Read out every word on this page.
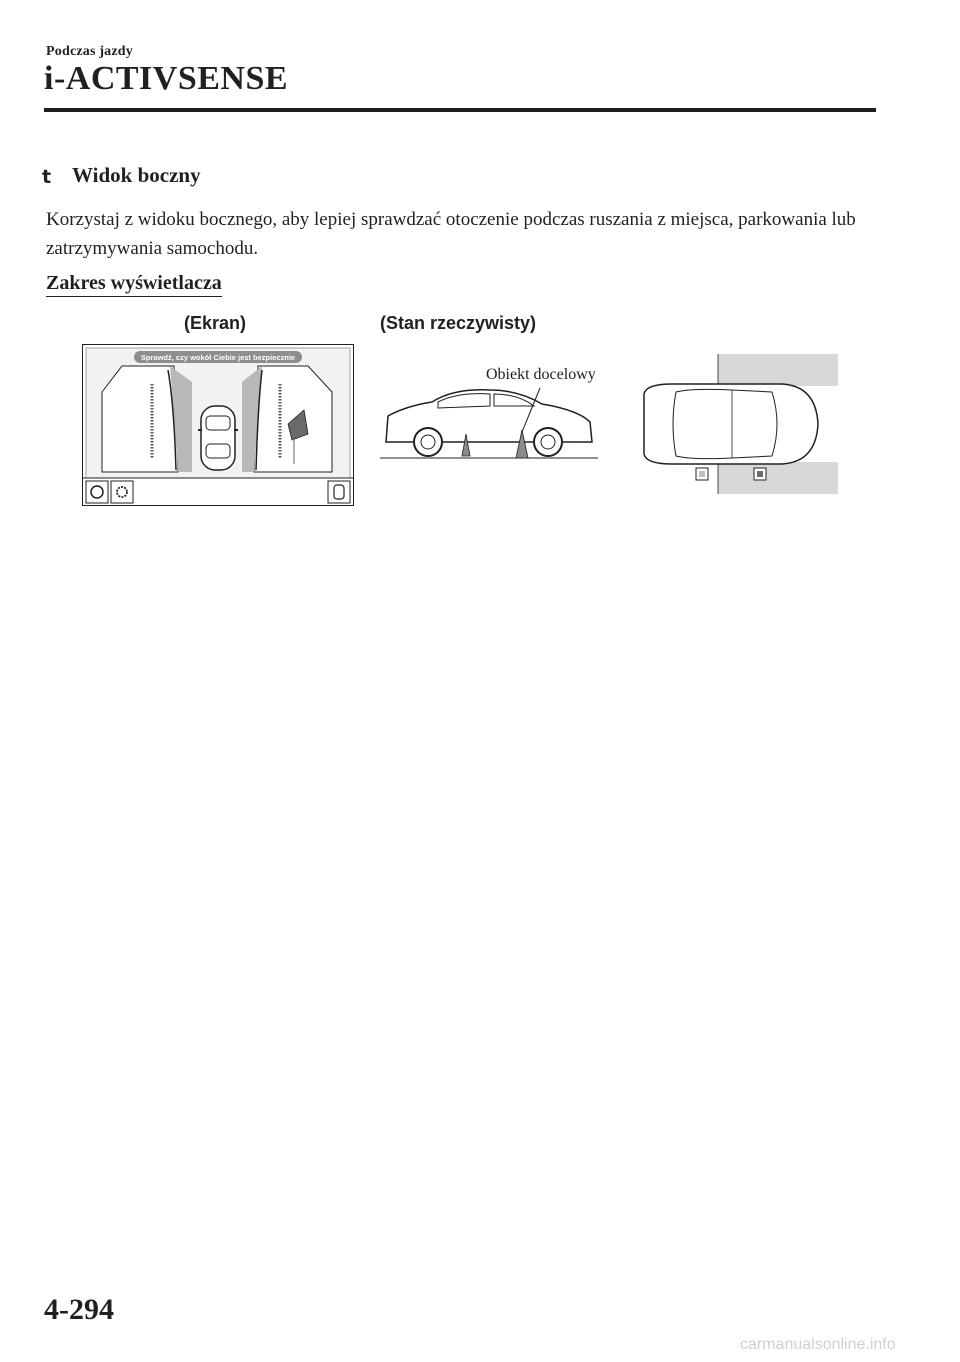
Podczas jazdy
i-ACTIVSENSE
t Widok boczny
Korzystaj z widoku bocznego, aby lepiej sprawdzać otoczenie podczas ruszania z miejsca, parkowania lub zatrzymywania samochodu.
Zakres wyświetlacza
(Ekran)	(Stan rzeczywisty)
Sprawdź, czy wokół Ciebie jest bezpiecznie
Obiekt docelowy
4-294
carmanualsonline.info
